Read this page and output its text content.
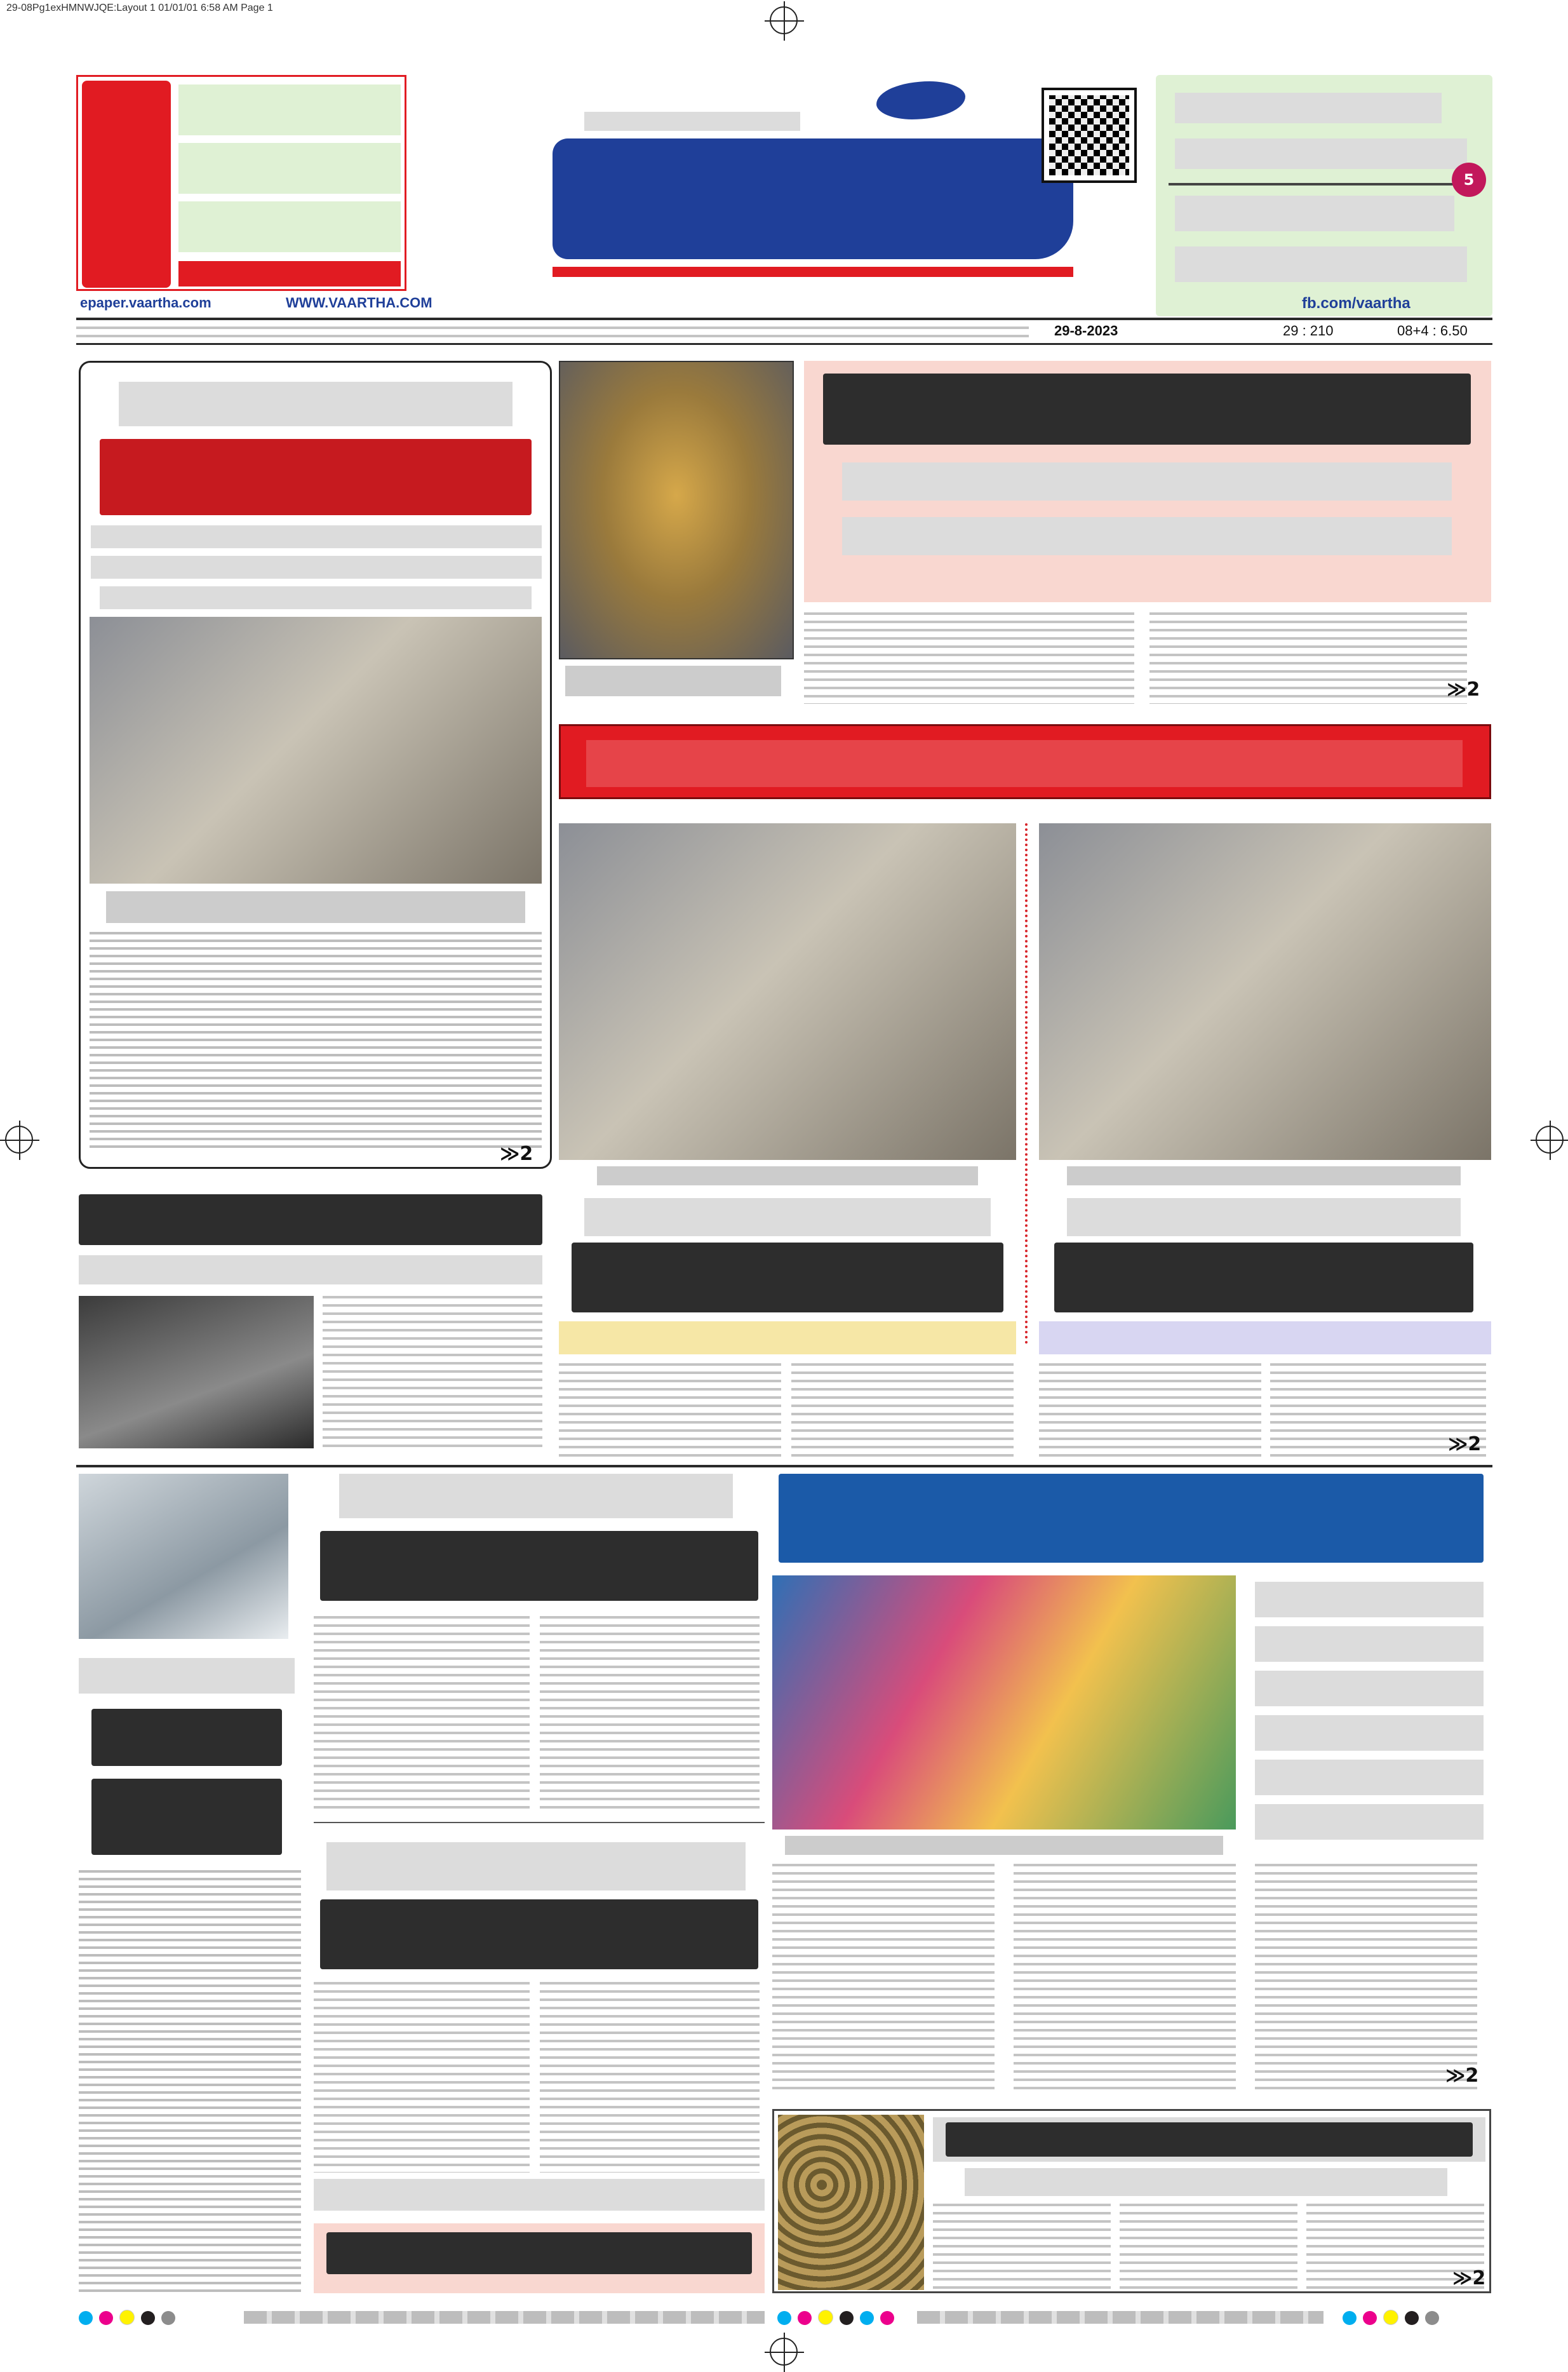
29-08Pg1exHMNWJQE:Layout 1 01/01/01 6:58 AM Page 1
5
epaper.vaartha.com	WWW.VAARTHA.COM	fb.com/vaartha
29-8-2023	29 : 210	08+4 : 6.50
≫2
≫2
≫2
≫2
≫2
